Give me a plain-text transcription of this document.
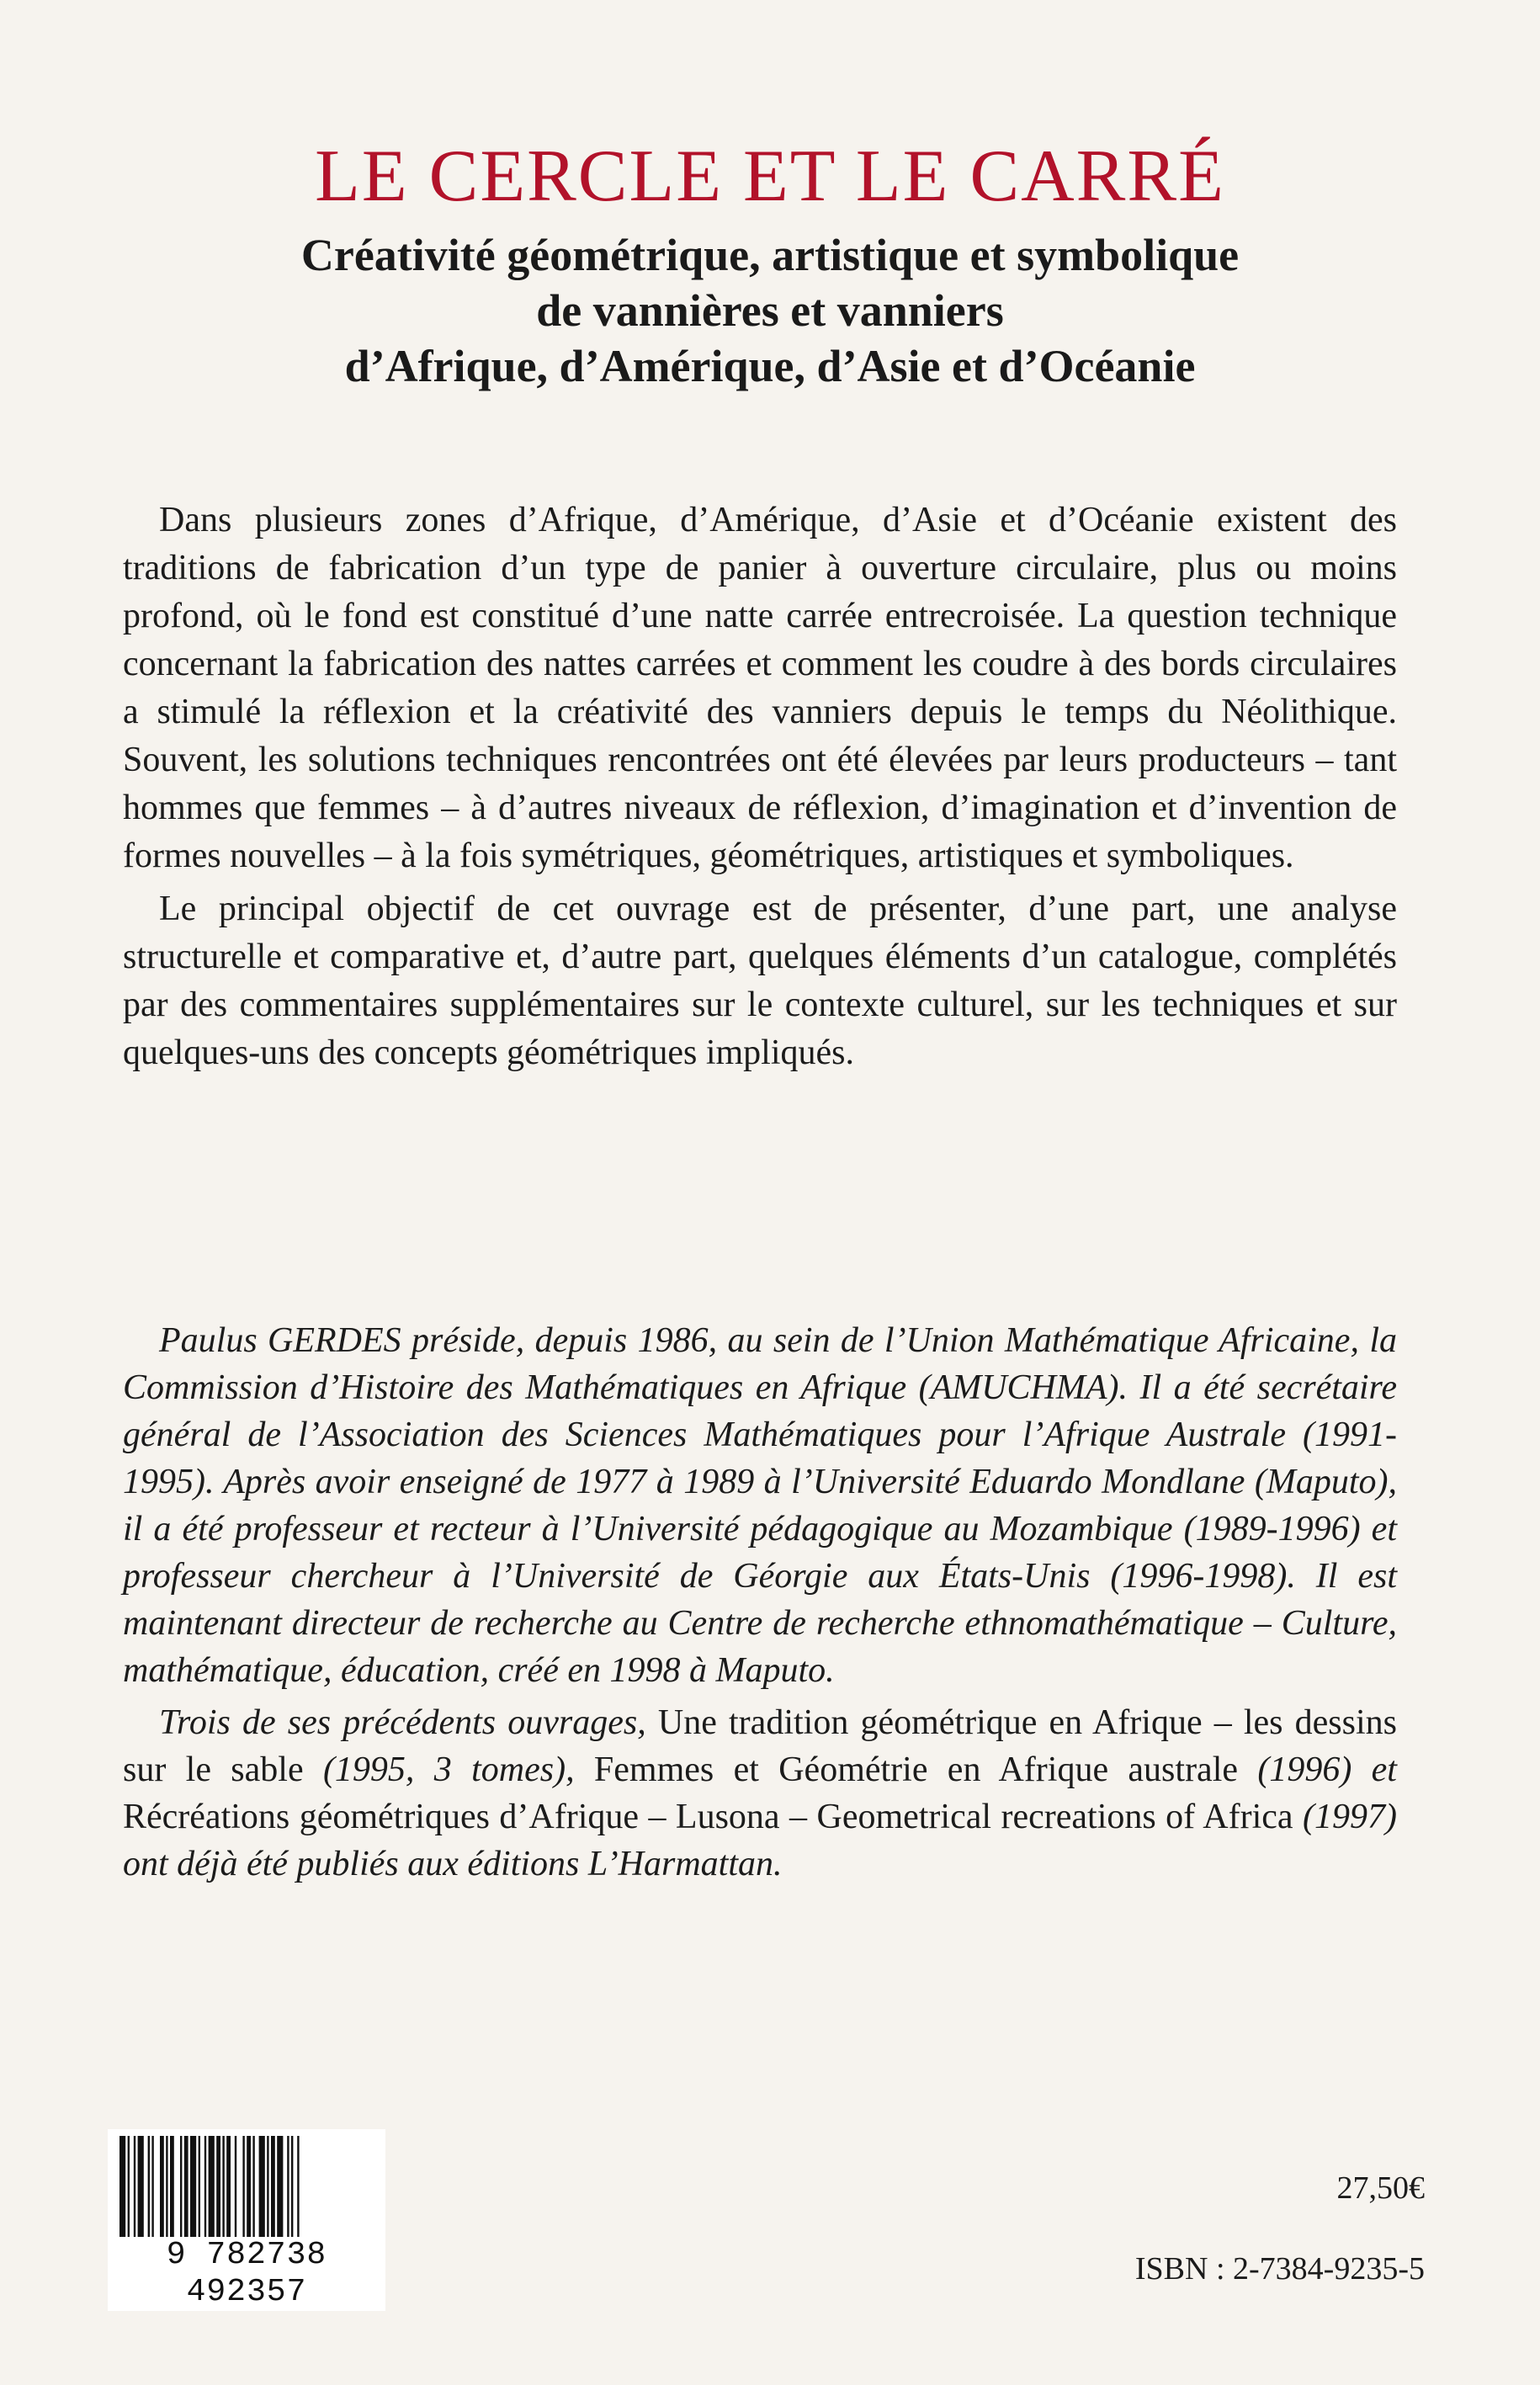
LE CERCLE ET LE CARRÉ
Créativité géométrique, artistique et symbolique
de vannières et vanniers
d’Afrique, d’Amérique, d’Asie et d’Océanie

Dans plusieurs zones d’Afrique, d’Amérique, d’Asie et d’Océanie existent des traditions de fabrication d’un type de panier à ouverture circulaire, plus ou moins profond, où le fond est constitué d’une natte carrée entrecroisée. La question technique concernant la fabrication des nattes carrées et comment les coudre à des bords circulaires a stimulé la réflexion et la créativité des vanniers depuis le temps du Néolithique. Souvent, les solutions techniques rencontrées ont été élevées par leurs producteurs – tant hommes que femmes – à d’autres niveaux de réflexion, d’imagination et d’invention de formes nouvelles – à la fois symétriques, géométriques, artistiques et symboliques.

Le principal objectif de cet ouvrage est de présenter, d’une part, une analyse structurelle et comparative et, d’autre part, quelques éléments d’un catalogue, complétés par des commentaires supplémentaires sur le contexte culturel, sur les techniques et sur quelques-uns des concepts géométriques impliqués.

Paulus GERDES préside, depuis 1986, au sein de l’Union Mathématique Africaine, la Commission d’Histoire des Mathématiques en Afrique (AMUCHMA). Il a été secrétaire général de l’Association des Sciences Mathématiques pour l’Afrique Australe (1991-1995). Après avoir enseigné de 1977 à 1989 à l’Université Eduardo Mondlane (Maputo), il a été professeur et recteur à l’Université pédagogique au Mozambique (1989-1996) et professeur chercheur à l’Université de Géorgie aux États-Unis (1996-1998). Il est maintenant directeur de recherche au Centre de recherche ethnomathématique – Culture, mathématique, éducation, créé en 1998 à Maputo.

Trois de ses précédents ouvrages, Une tradition géométrique en Afrique – les dessins sur le sable (1995, 3 tomes), Femmes et Géométrie en Afrique australe (1996) et Récréations géométriques d’Afrique – Lusona – Geometrical recreations of Africa (1997) ont déjà été publiés aux éditions L’Harmattan.

9 782738 492357
27,50€
ISBN : 2-7384-9235-5
